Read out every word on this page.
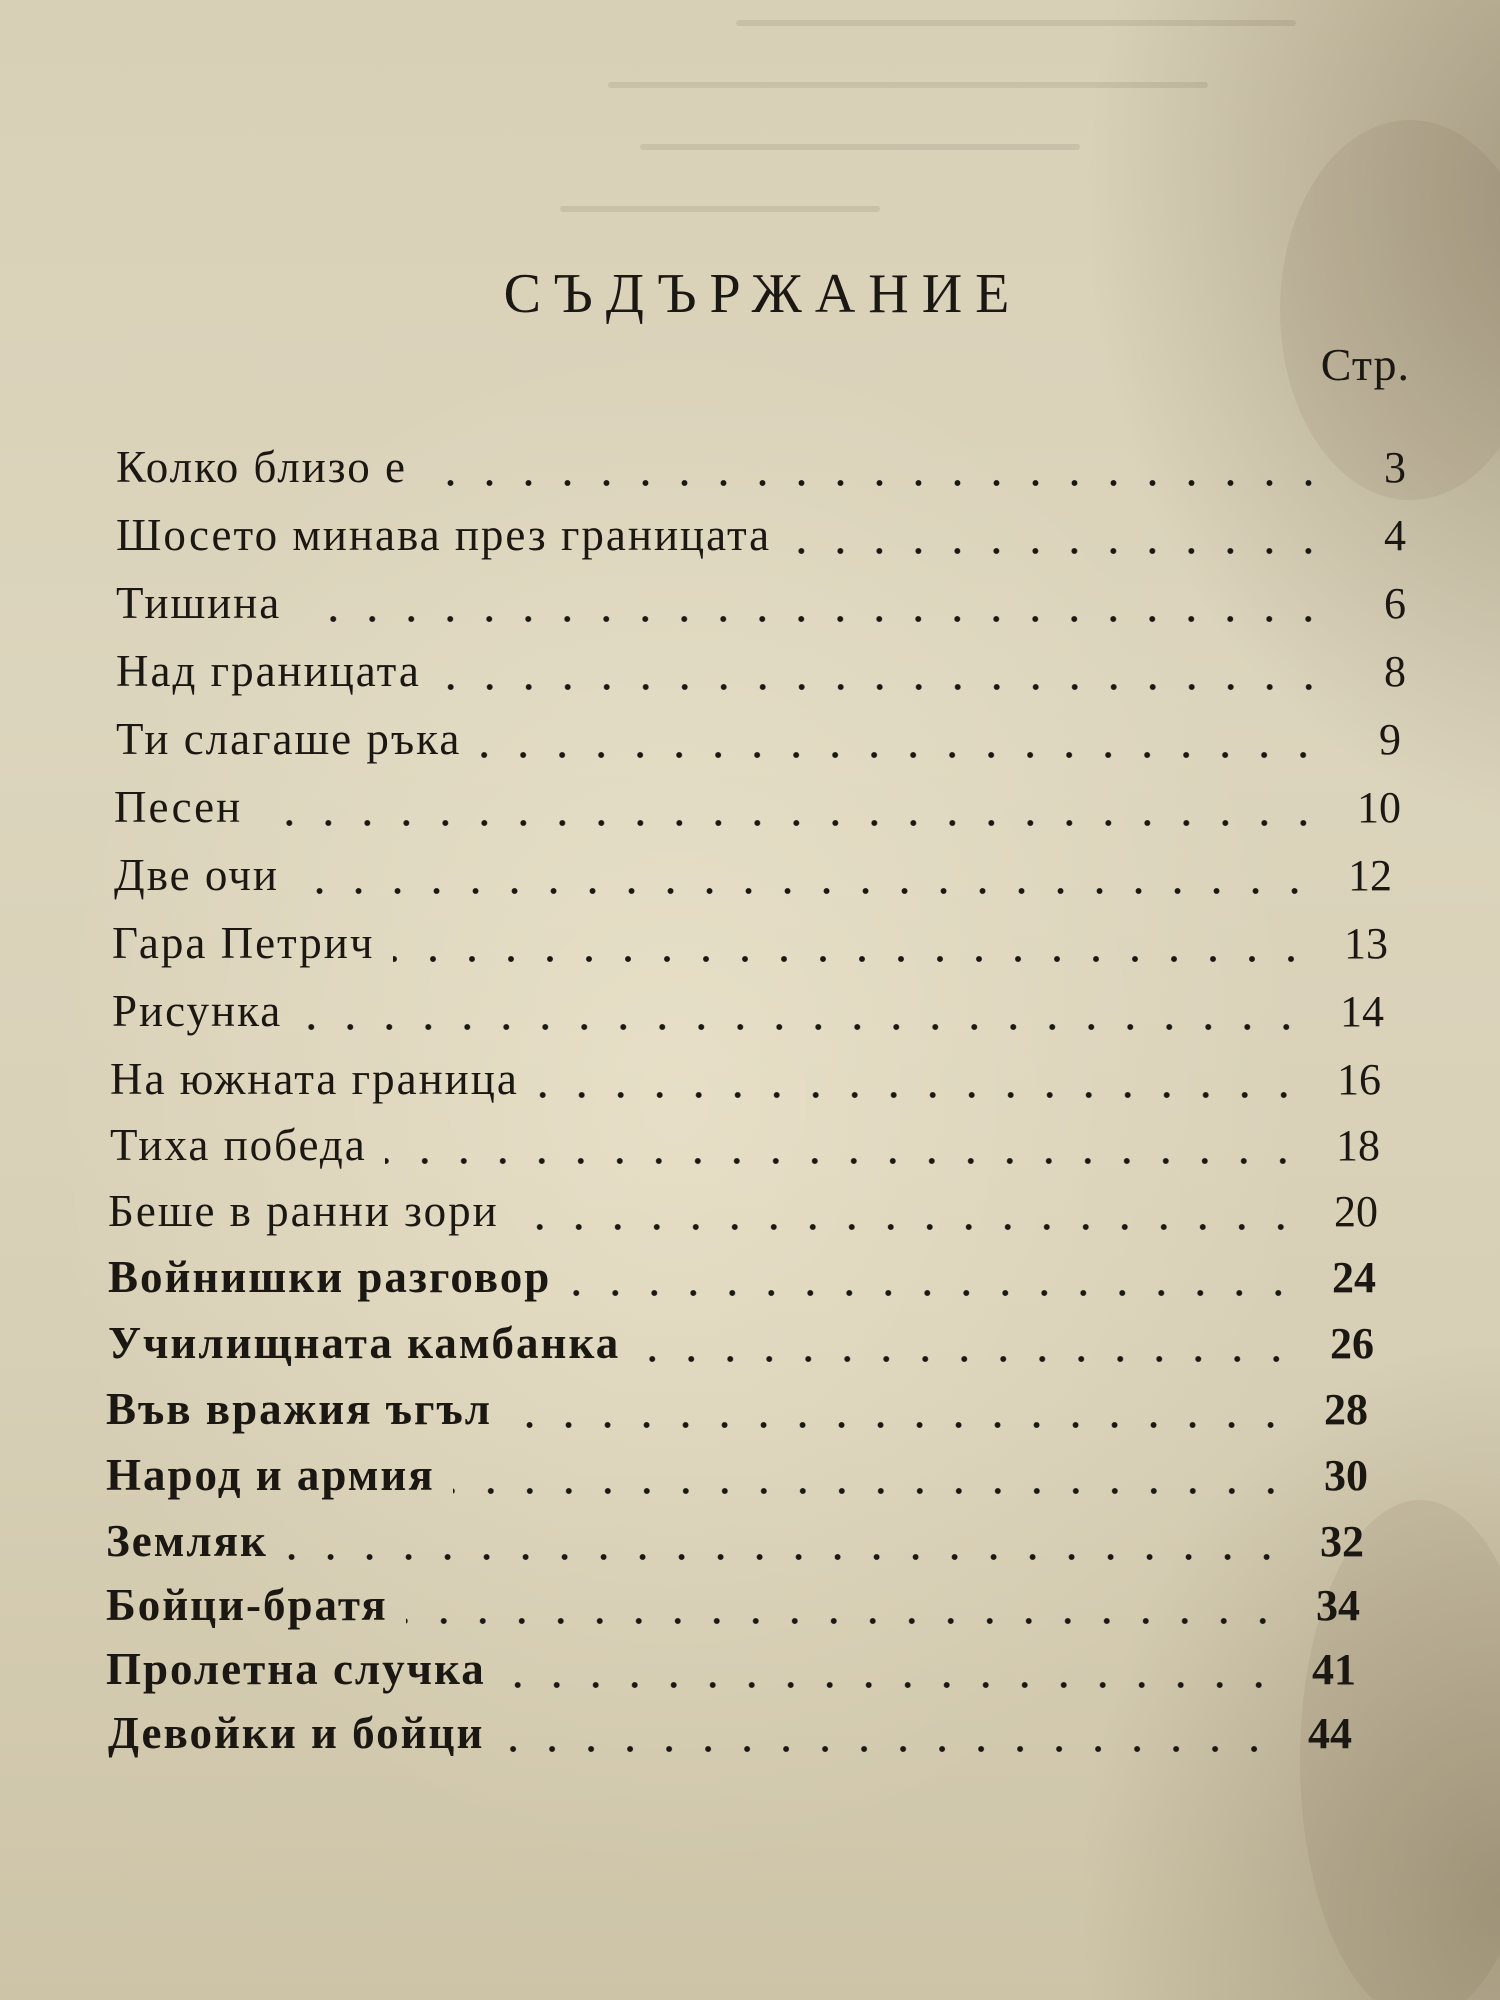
СЪДЪРЖАНИЕ
Стр.
Колко близо е	3
Шосето минава през границата	4
Тишина	6
Над границата	8
Ти слагаше ръка	9
Песен	10
Две очи	12
Гара Петрич	13
Рисунка	14
На южната граница	16
Тиха победа	18
Беше в ранни зори	20
Войнишки разговор	24
Училищната камбанка	26
Във вражия ъгъл	28
Народ и армия	30
Земляк	32
Бойци-братя	34
Пролетна случка	41
Девойки и бойци	44
